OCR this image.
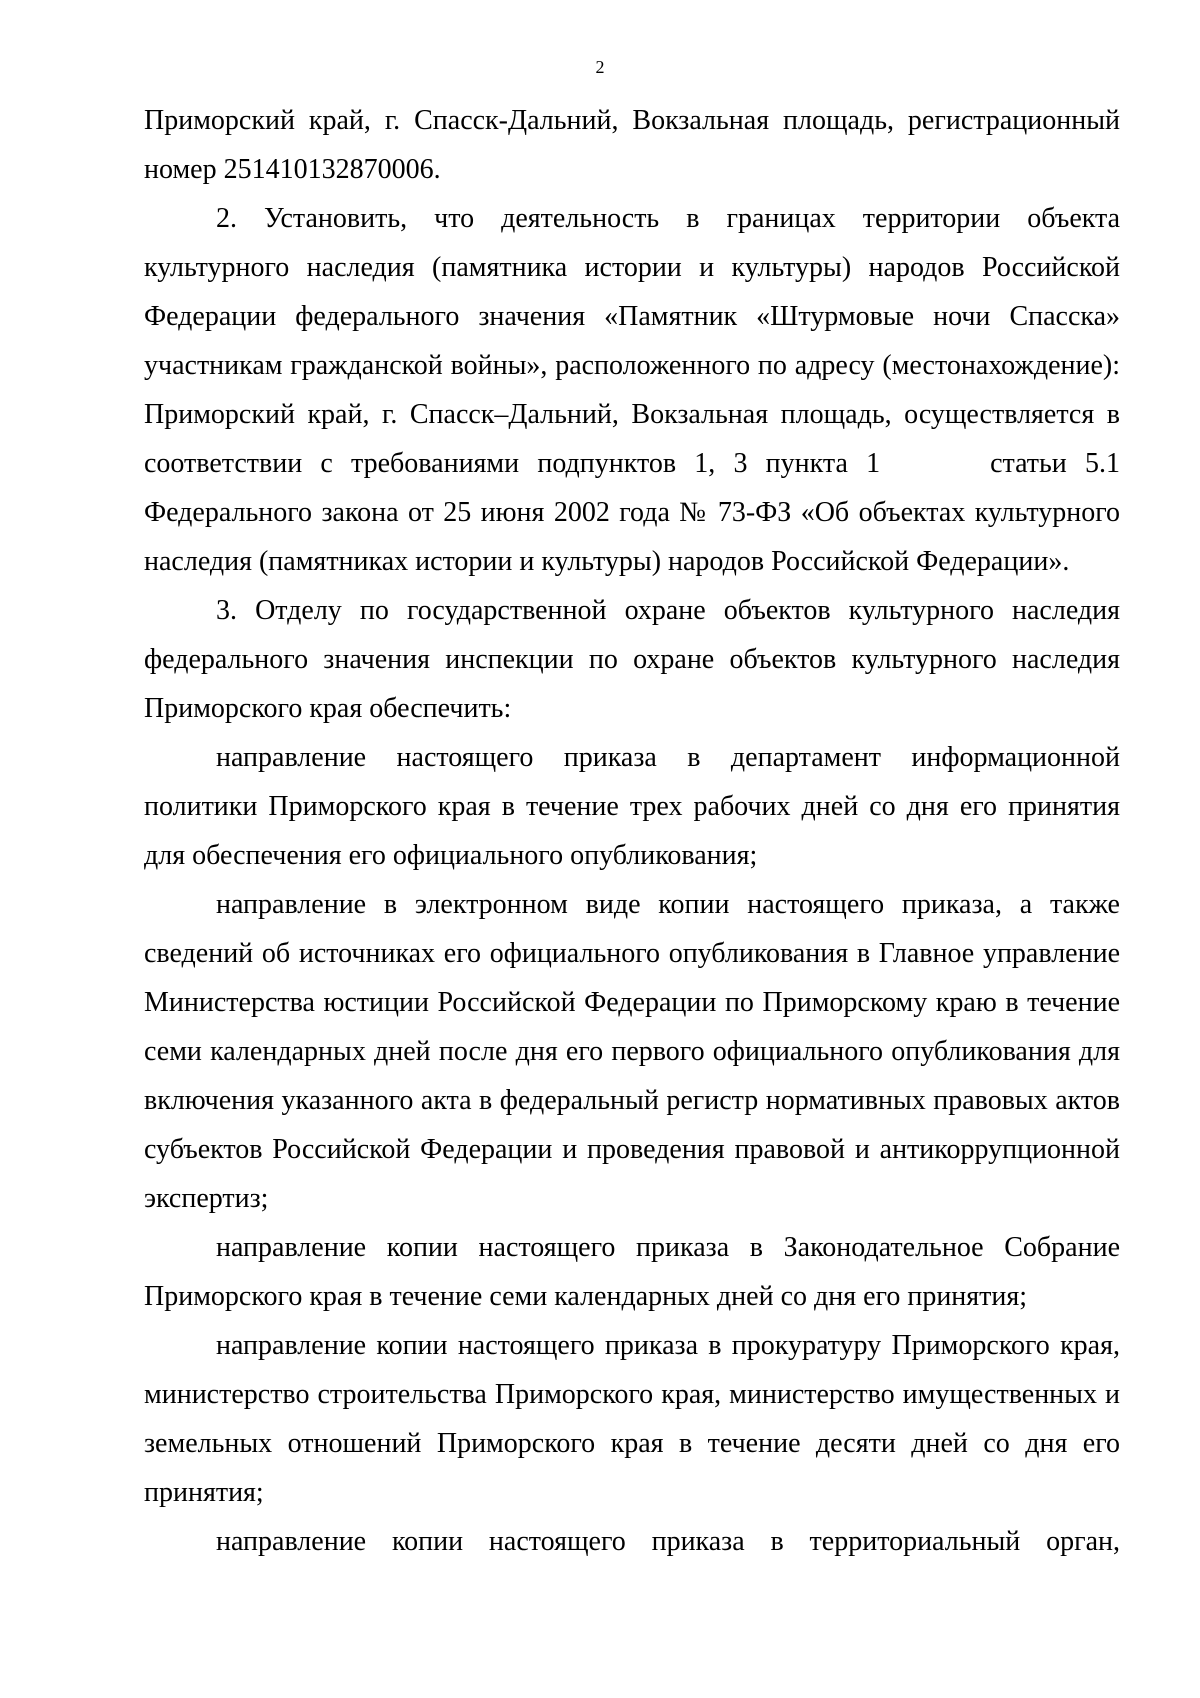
2

Приморский край, г. Спасск-Дальний, Вокзальная площадь, регистрационный номер 251410132870006.

2. Установить, что деятельность в границах территории объекта культурного наследия (памятника истории и культуры) народов Российской Федерации федерального значения «Памятник «Штурмовые ночи Спасска» участникам гражданской войны», расположенного по адресу (местонахождение): Приморский край, г. Спасск–Дальний, Вокзальная площадь, осуществляется в соответствии с требованиями подпунктов 1, 3 пункта 1	статьи 5.1 Федерального закона от 25 июня 2002 года № 73-ФЗ «Об объектах культурного наследия (памятниках истории и культуры) народов Российской Федерации».

3. Отделу по государственной охране объектов культурного наследия федерального значения инспекции по охране объектов культурного наследия Приморского края обеспечить:

направление настоящего приказа в департамент информационной политики Приморского края в течение трех рабочих дней со дня его принятия для обеспечения его официального опубликования;

направление в электронном виде копии настоящего приказа, а также сведений об источниках его официального опубликования в Главное управление Министерства юстиции Российской Федерации по Приморскому краю в течение семи календарных дней после дня его первого официального опубликования для включения указанного акта в федеральный регистр нормативных правовых актов субъектов Российской Федерации и проведения правовой и антикоррупционной экспертиз;

направление копии настоящего приказа в Законодательное Собрание Приморского края в течение семи календарных дней со дня его принятия;

направление копии настоящего приказа в прокуратуру Приморского края, министерство строительства Приморского края, министерство имущественных и земельных отношений Приморского края в течение десяти дней со дня его принятия;

направление копии настоящего приказа в территориальный орган,
